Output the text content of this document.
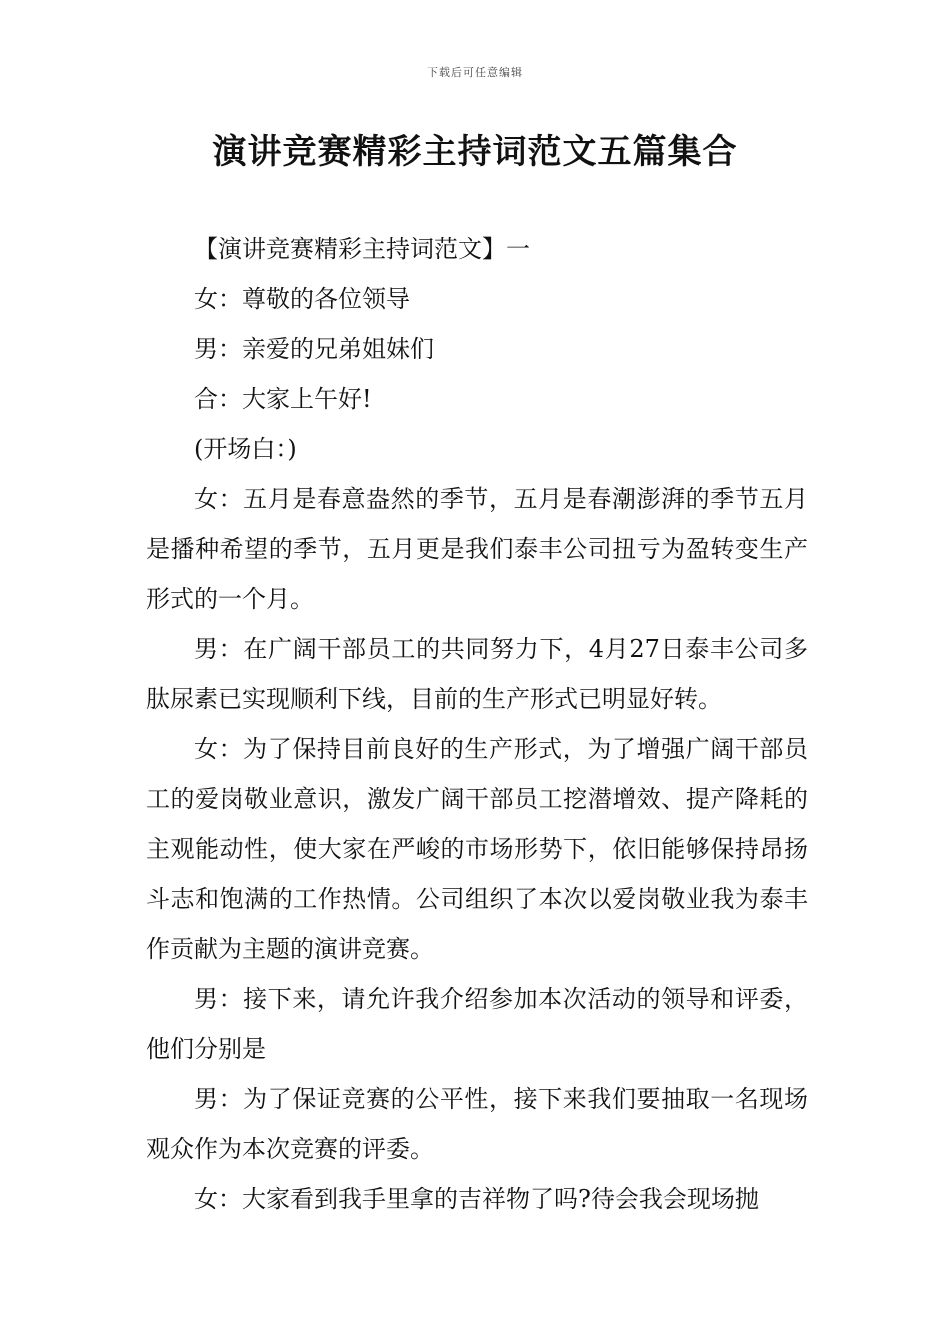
下载后可任意编辑
演讲竞赛精彩主持词范文五篇集合

【演讲竞赛精彩主持词范文】一

女：尊敬的各位领导

男：亲爱的兄弟姐妹们

合：大家上午好!

(开场白：)

女：五月是春意盎然的季节，五月是春潮澎湃的季节五月是播种希望的季节，五月更是我们泰丰公司扭亏为盈转变生产形式的一个月。

男：在广阔干部员工的共同努力下，4月27日泰丰公司多肽尿素已实现顺利下线，目前的生产形式已明显好转。

女：为了保持目前良好的生产形式，为了增强广阔干部员工的爱岗敬业意识，激发广阔干部员工挖潜增效、提产降耗的主观能动性，使大家在严峻的市场形势下，依旧能够保持昂扬斗志和饱满的工作热情。公司组织了本次以爱岗敬业我为泰丰作贡献为主题的演讲竞赛。

男：接下来，请允许我介绍参加本次活动的领导和评委，他们分别是

男：为了保证竞赛的公平性，接下来我们要抽取一名现场观众作为本次竞赛的评委。

女：大家看到我手里拿的吉祥物了吗?待会我会现场抛
